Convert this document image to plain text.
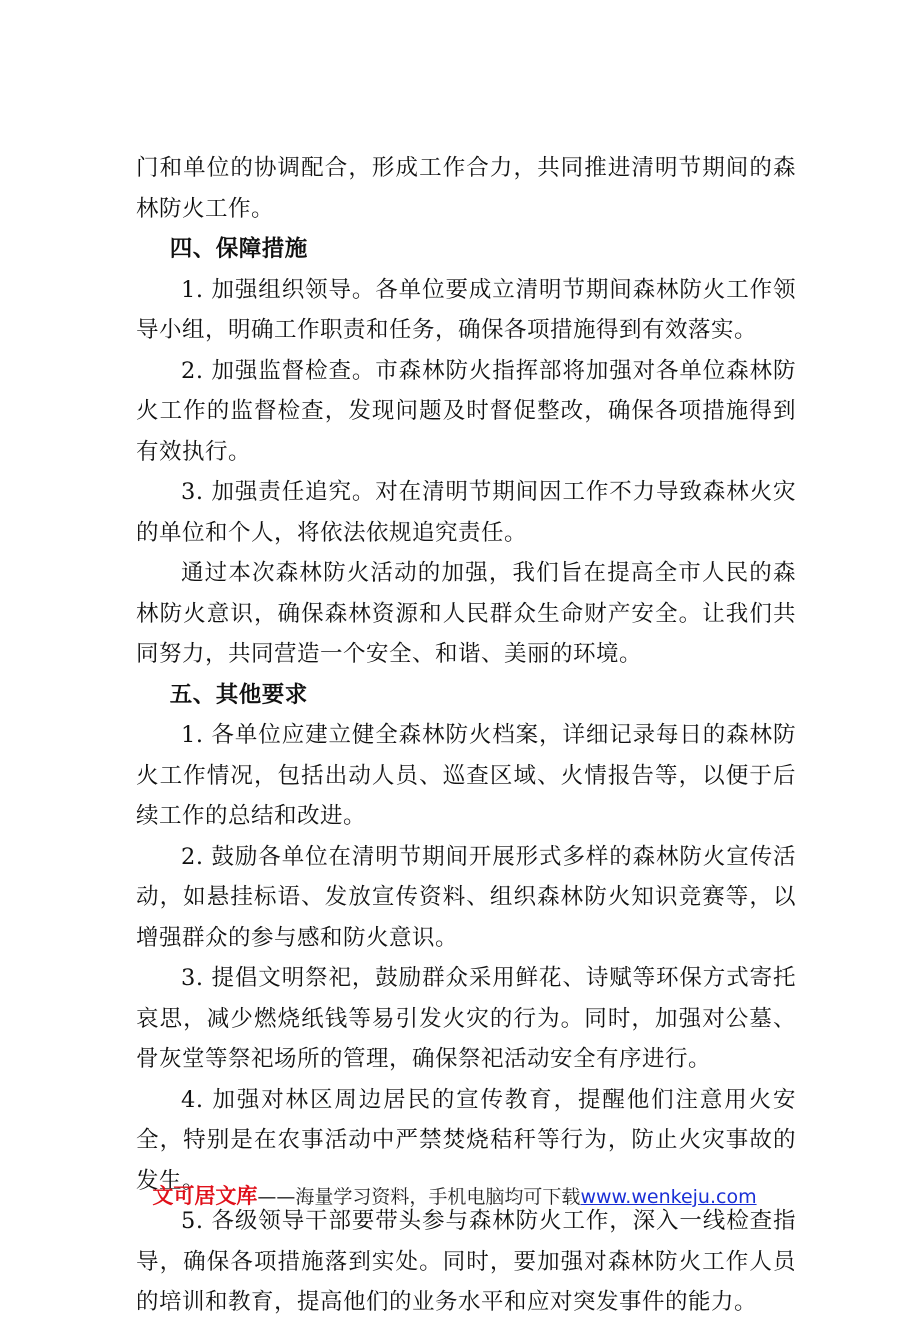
门和单位的协调配合，形成工作合力，共同推进清明节期间的森林防火工作。

四、保障措施

1. 加强组织领导。各单位要成立清明节期间森林防火工作领导小组，明确工作职责和任务，确保各项措施得到有效落实。

2. 加强监督检查。市森林防火指挥部将加强对各单位森林防火工作的监督检查，发现问题及时督促整改，确保各项措施得到有效执行。

3. 加强责任追究。对在清明节期间因工作不力导致森林火灾的单位和个人，将依法依规追究责任。

通过本次森林防火活动的加强，我们旨在提高全市人民的森林防火意识，确保森林资源和人民群众生命财产安全。让我们共同努力，共同营造一个安全、和谐、美丽的环境。

五、其他要求

1. 各单位应建立健全森林防火档案，详细记录每日的森林防火工作情况，包括出动人员、巡查区域、火情报告等，以便于后续工作的总结和改进。

2. 鼓励各单位在清明节期间开展形式多样的森林防火宣传活动，如悬挂标语、发放宣传资料、组织森林防火知识竞赛等，以增强群众的参与感和防火意识。

3. 提倡文明祭祀，鼓励群众采用鲜花、诗赋等环保方式寄托哀思，减少燃烧纸钱等易引发火灾的行为。同时，加强对公墓、骨灰堂等祭祀场所的管理，确保祭祀活动安全有序进行。

4. 加强对林区周边居民的宣传教育，提醒他们注意用火安全，特别是在农事活动中严禁焚烧秸秆等行为，防止火灾事故的发生。

5. 各级领导干部要带头参与森林防火工作，深入一线检查指导，确保各项措施落到实处。同时，要加强对森林防火工作人员的培训和教育，提高他们的业务水平和应对突发事件的能力。

文可居文库——海量学习资料，手机电脑均可下载www.wenkeju.com
